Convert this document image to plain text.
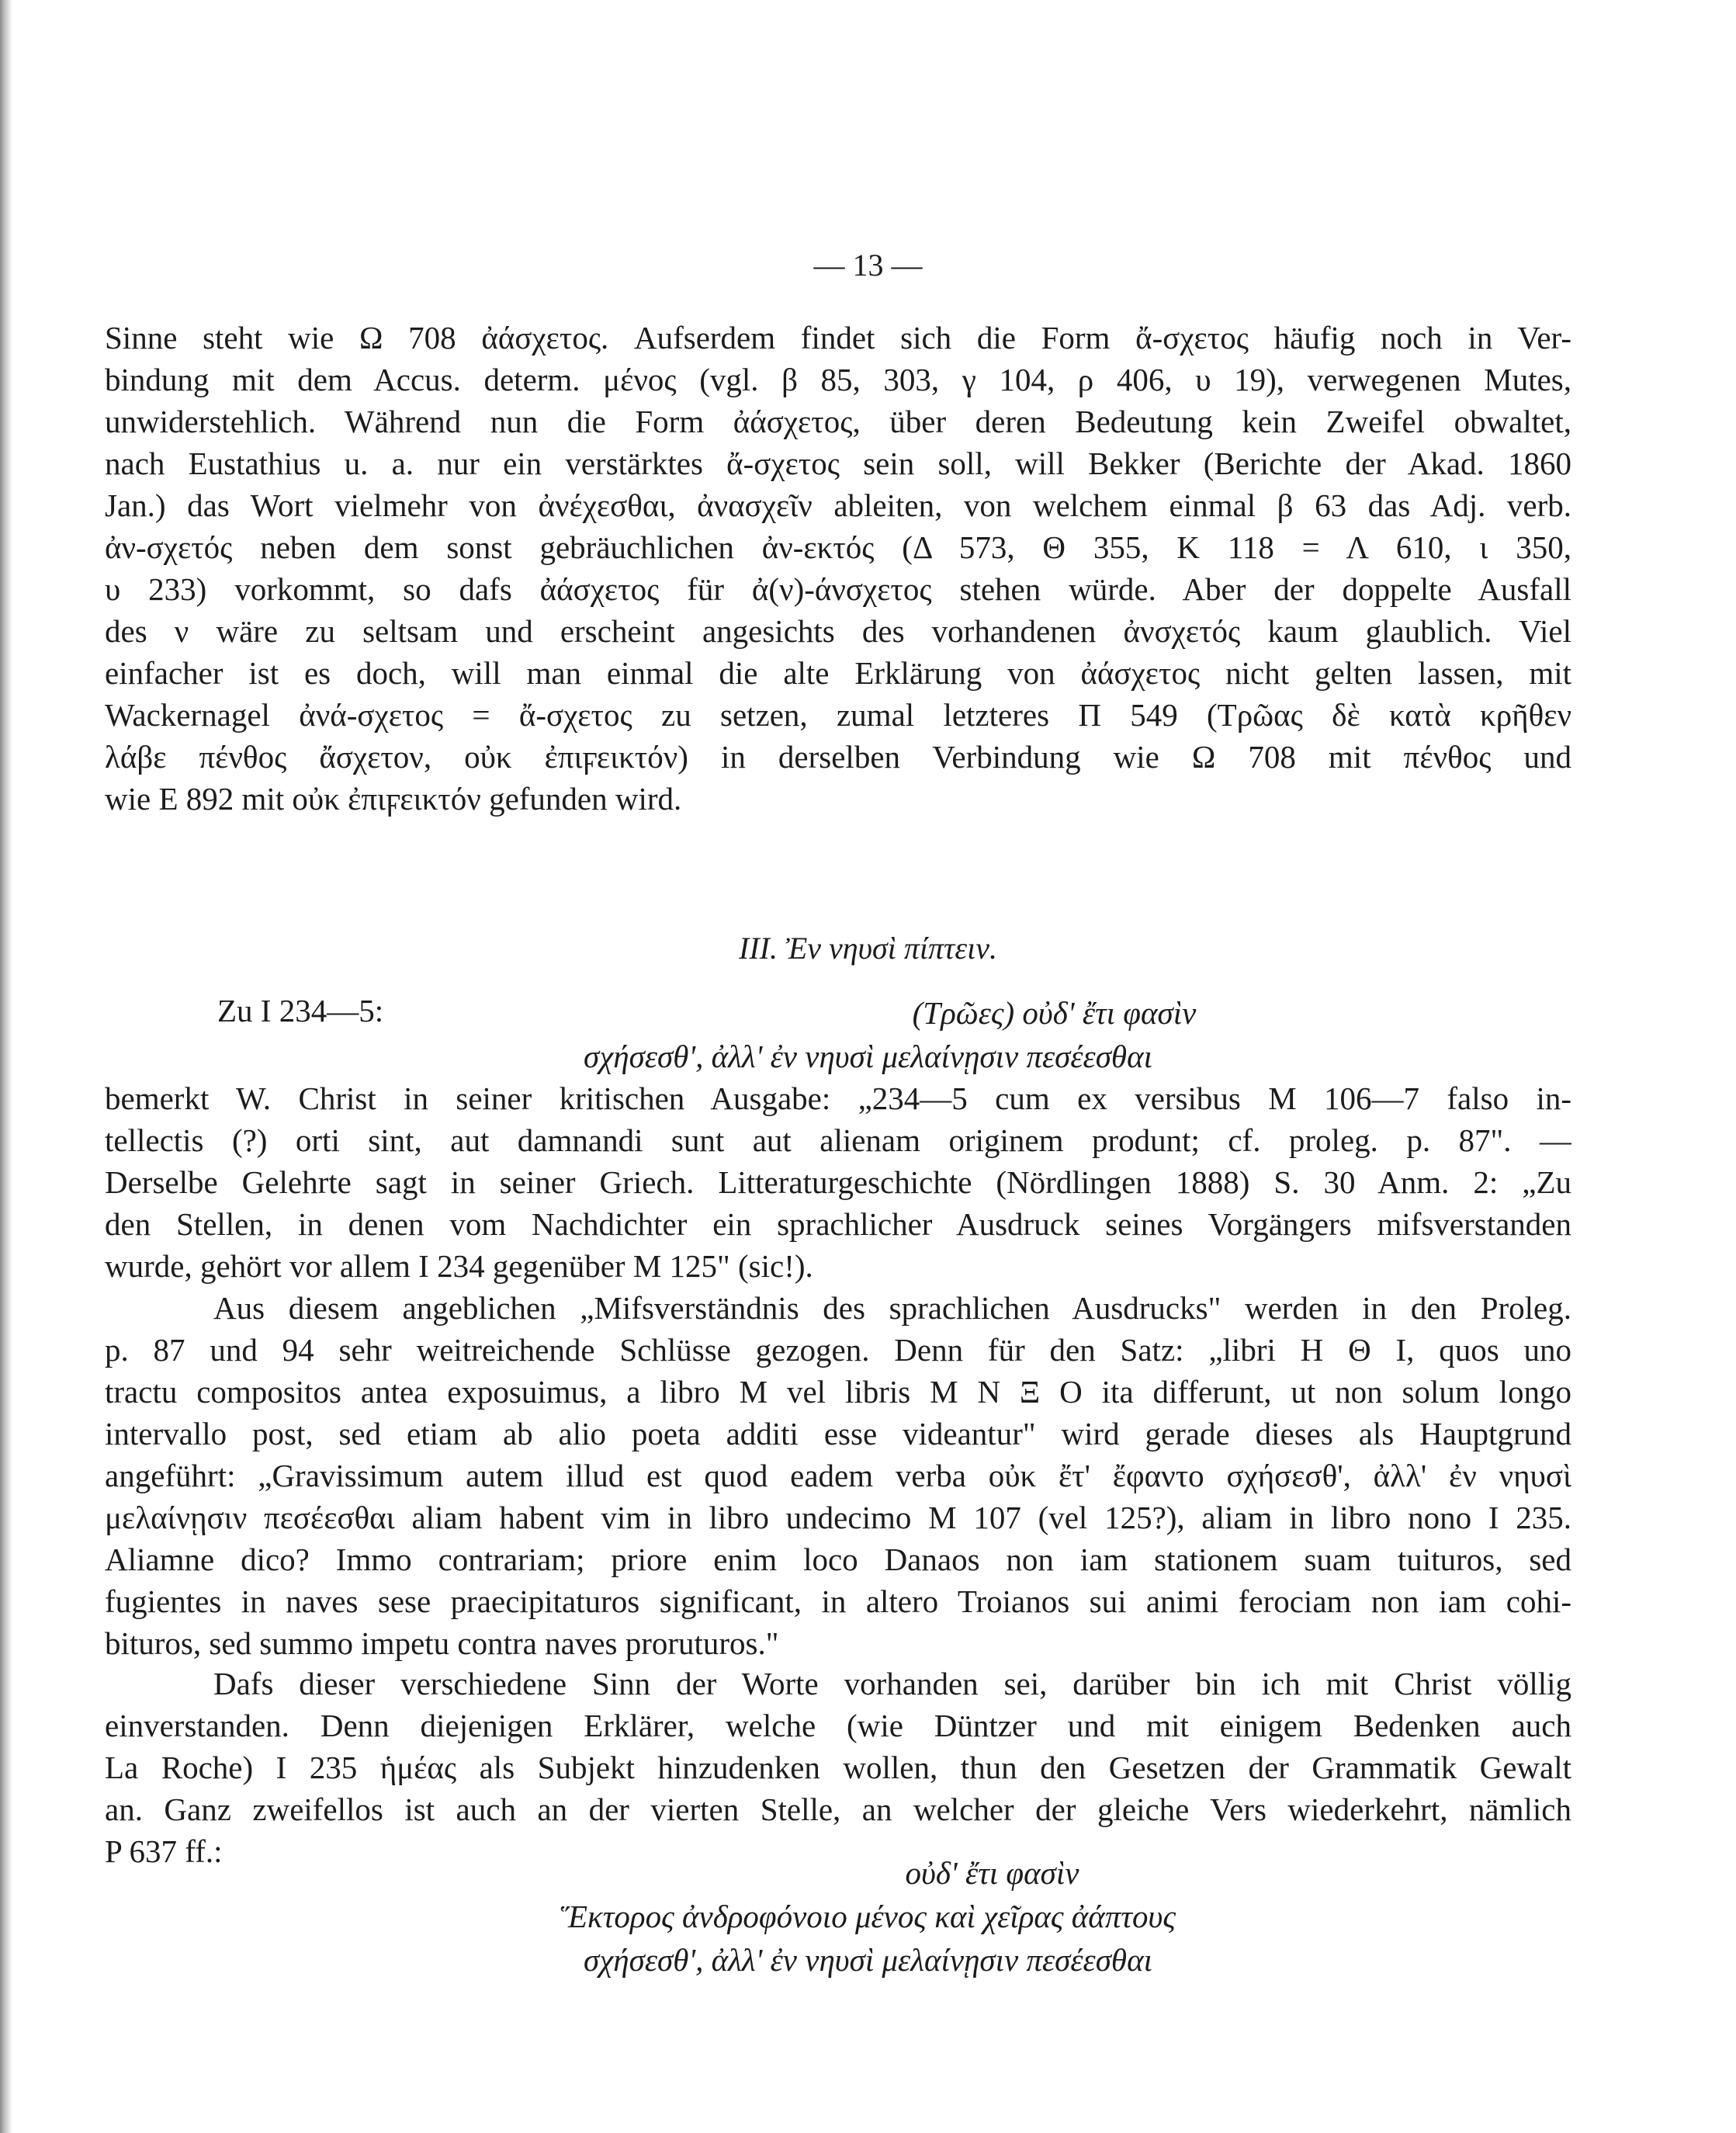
— 13 —
Sinne steht wie Ω 708 ἀάσχετος. Aufserdem findet sich die Form ἄ-σχετος häufig noch in Ver-
bindung mit dem Accus. determ. μένος (vgl. β 85, 303, γ 104, ρ 406, υ 19), verwegenen Mutes,
unwiderstehlich. Während nun die Form ἀάσχετος, über deren Bedeutung kein Zweifel obwaltet,
nach Eustathius u. a. nur ein verstärktes ἄ-σχετος sein soll, will Bekker (Berichte der Akad. 1860
Jan.) das Wort vielmehr von ἀνέχεσθαι, ἀνασχεῖν ableiten, von welchem einmal β 63 das Adj. verb.
ἀν-σχετός neben dem sonst gebräuchlichen ἀν-εκτός (Δ 573, Θ 355, Κ 118 = Λ 610, ι 350,
υ 233) vorkommt, so dafs ἀάσχετος für ἀ(ν)-άνσχετος stehen würde. Aber der doppelte Ausfall
des ν wäre zu seltsam und erscheint angesichts des vorhandenen ἀνσχετός kaum glaublich. Viel
einfacher ist es doch, will man einmal die alte Erklärung von ἀάσχετος nicht gelten lassen, mit
Wackernagel ἀνά-σχετος = ἄ-σχετος zu setzen, zumal letzteres Π 549 (Τρῶας δὲ κατὰ κρῆθεν
λάβε πένθος ἄσχετον, οὐκ ἐπιϝεικτόν) in derselben Verbindung wie Ω 708 mit πένθος und
wie Ε 892 mit οὐκ ἐπιϝεικτόν gefunden wird.
III. Ἐν νηυσὶ πίπτειν.
Zu Ι 234—5:	(Τρῶες) οὐδ' ἔτι φασὶν
σχήσεσθ', ἀλλ' ἐν νηυσὶ μελαίνῃσιν πεσέεσθαι
bemerkt W. Christ in seiner kritischen Ausgabe: „234—5 cum ex versibus M 106—7 falso in-
tellectis (?) orti sint, aut damnandi sunt aut alienam originem produnt; cf. proleg. p. 87". —
Derselbe Gelehrte sagt in seiner Griech. Litteraturgeschichte (Nördlingen 1888) S. 30 Anm. 2: „Zu
den Stellen, in denen vom Nachdichter ein sprachlicher Ausdruck seines Vorgängers mifsverstanden
wurde, gehört vor allem Ι 234 gegenüber Μ 125" (sic!).
Aus diesem angeblichen „Mifsverständnis des sprachlichen Ausdrucks" werden in den Proleg.
p. 87 und 94 sehr weitreichende Schlüsse gezogen. Denn für den Satz: „libri Η Θ Ι, quos uno
tractu compositos antea exposuimus, a libro Μ vel libris Μ Ν Ξ Ο ita differunt, ut non solum longo
intervallo post, sed etiam ab alio poeta additi esse videantur" wird gerade dieses als Hauptgrund
angeführt: „Gravissimum autem illud est quod eadem verba οὐκ ἔτ' ἔφαντο σχήσεσθ', ἀλλ' ἐν νηυσὶ
μελαίνῃσιν πεσέεσθαι aliam habent vim in libro undecimo Μ 107 (vel 125?), aliam in libro nono Ι 235.
Aliamne dico? Immo contrariam; priore enim loco Danaos non iam stationem suam tuituros, sed
fugientes in naves sese praecipitaturos significant, in altero Troianos sui animi ferociam non iam cohi-
bituros, sed summo impetu contra naves proruturos."
Dafs dieser verschiedene Sinn der Worte vorhanden sei, darüber bin ich mit Christ völlig
einverstanden. Denn diejenigen Erklärer, welche (wie Düntzer und mit einigem Bedenken auch
La Roche) Ι 235 ἡμέας als Subjekt hinzudenken wollen, thun den Gesetzen der Grammatik Gewalt
an. Ganz zweifellos ist auch an der vierten Stelle, an welcher der gleiche Vers wiederkehrt, nämlich
P 637 ff.:
οὐδ' ἔτι φασὶν
Ἕκτορος ἀνδροφόνοιο μένος καὶ χεῖρας ἀάπτους
σχήσεσθ', ἀλλ' ἐν νηυσὶ μελαίνῃσιν πεσέεσθαι
